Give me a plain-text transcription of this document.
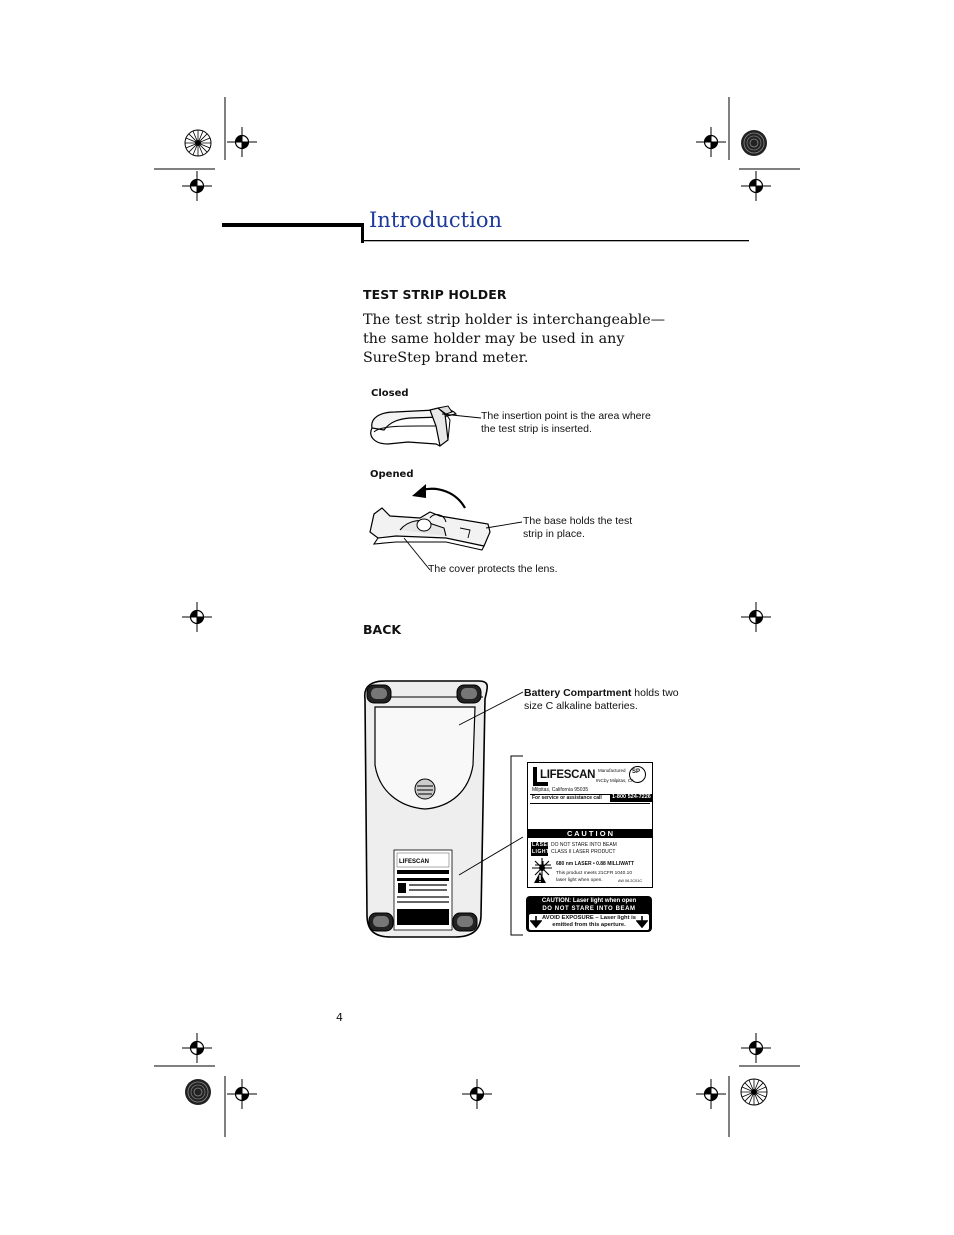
Introduction
TEST STRIP HOLDER
The test strip holder is interchangeable—the same holder may be used in any SureStep brand meter.
Closed
The insertion point is the area where the test strip is inserted.
Opened
The base holds the test strip in place.
The cover protects the lens.
BACK
LIFESCAN
Battery Compartment holds two size C alkaline batteries.
LIFESCAN INC.
Manufactured
by Milpitas, CA
SP
Milpitas, California 95035
For service or assistance call	1-800 524-7226
C A U T I O N
LASER
LIGHT
DO NOT STARE INTO BEAM
CLASS II LASER PRODUCT
680 nm LASER • 0.88 MILLIWATT
This product meets 21CFR 1040.10
laser light when open.	AW 06.2C01C
CAUTION: Laser light when open
DO NOT STARE INTO BEAM
AVOID EXPOSURE – Laser light is
emitted from this aperture.
4
